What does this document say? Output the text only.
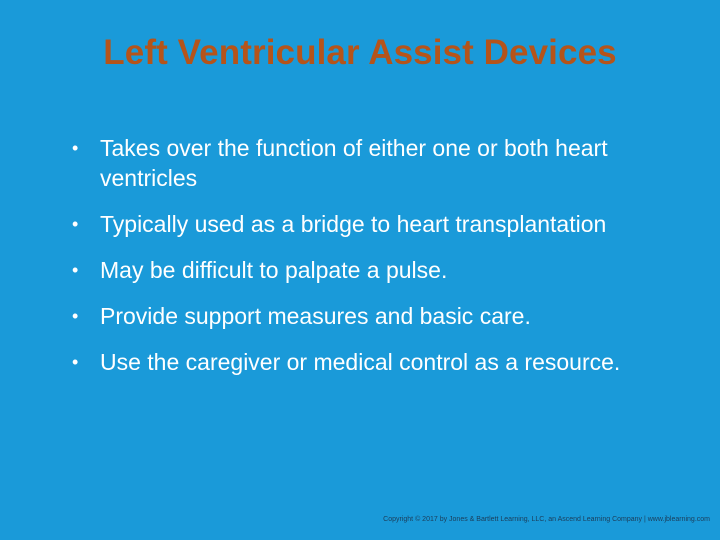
Left Ventricular Assist Devices
• Takes over the function of either one or both heart ventricles
• Typically used as a bridge to heart transplantation
• May be difficult to palpate a pulse.
• Provide support measures and basic care.
• Use the caregiver or medical control as a resource.
Copyright © 2017 by Jones & Bartlett Learning, LLC, an Ascend Learning Company | www.jblearning.com
